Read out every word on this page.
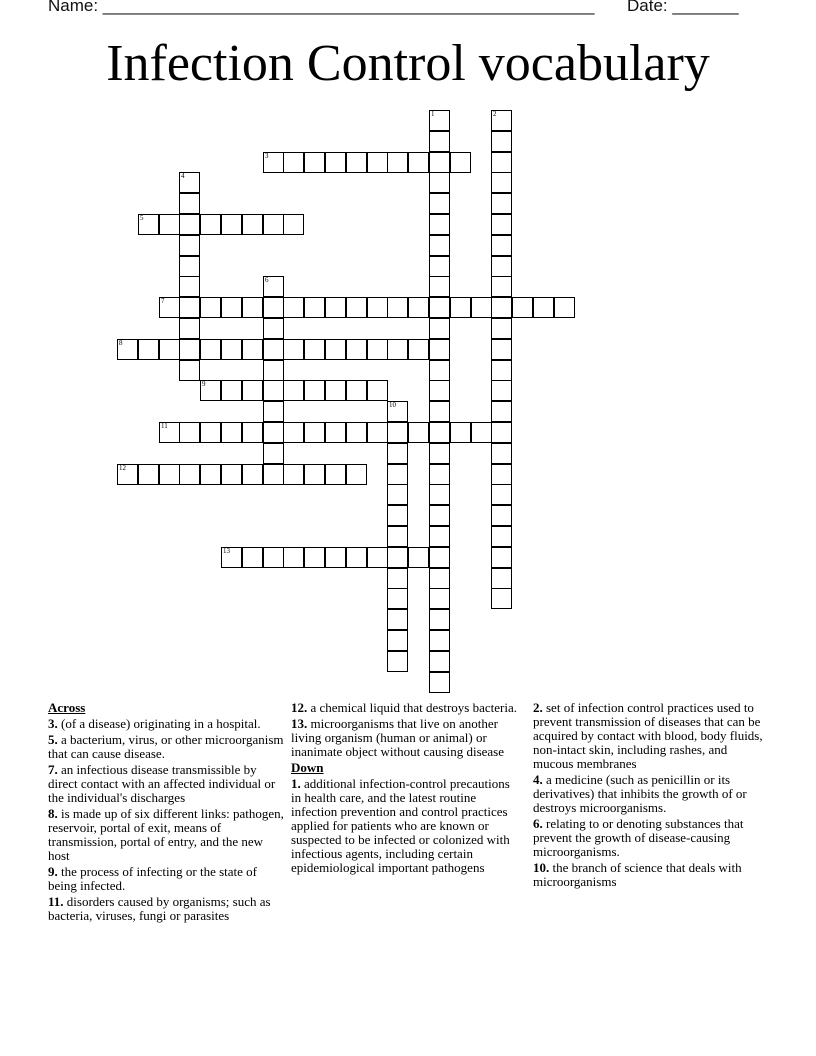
Name: ____________________________________________________ Date: _______
Infection Control vocabulary
1	2
3
4
5
6
7
8
9
10
11
12
13
Across

3. (of a disease) originating in a hospital.

5. a bacterium, virus, or other microorganism that can cause disease.

7. an infectious disease transmissible by direct contact with an affected individual or the individual's discharges

8. is made up of six different links: pathogen, reservoir, portal of exit, means of transmission, portal of entry, and the new host

9. the process of infecting or the state of being infected.

11. disorders caused by organisms; such as bacteria, viruses, fungi or parasites

12. a chemical liquid that destroys bacteria.

13. microorganisms that live on another living organism (human or animal) or inanimate object without causing disease

Down

1. additional infection-control precautions in health care, and the latest routine infection prevention and control practices applied for patients who are known or suspected to be infected or colonized with infectious agents, including certain epidemiological important pathogens

2. set of infection control practices used to prevent transmission of diseases that can be acquired by contact with blood, body fluids, non-intact skin, including rashes, and mucous membranes

4. a medicine (such as penicillin or its derivatives) that inhibits the growth of or destroys microorganisms.

6. relating to or denoting substances that prevent the growth of disease-causing microorganisms.

10. the branch of science that deals with microorganisms
